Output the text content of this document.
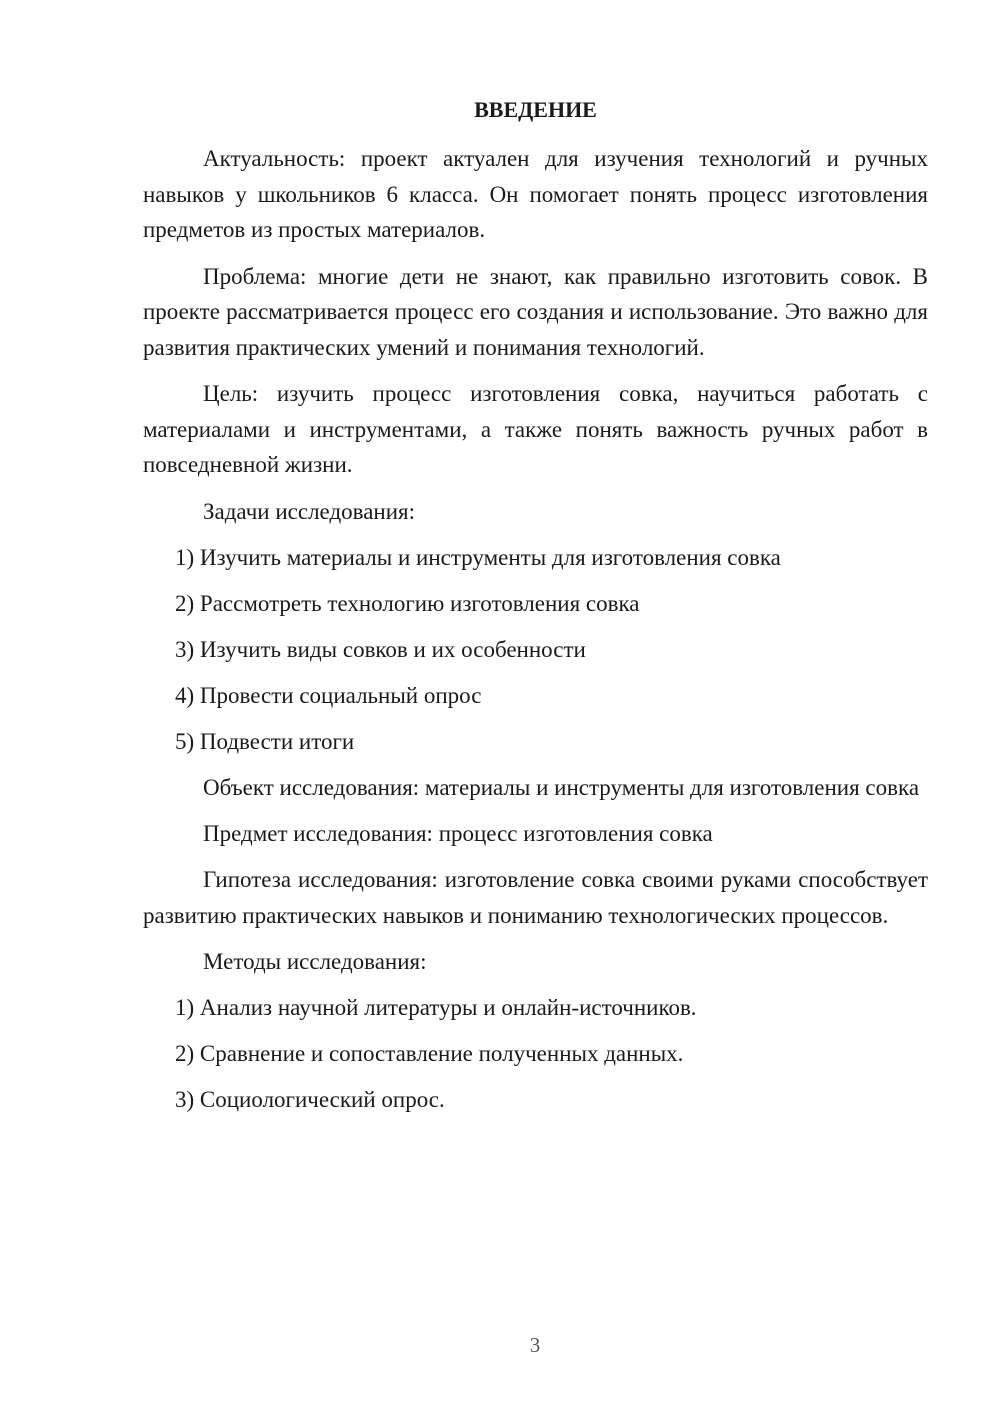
ВВЕДЕНИЕ
Актуальность: проект актуален для изучения технологий и ручных навыков у школьников 6 класса. Он помогает понять процесс изготовления предметов из простых материалов.
Проблема: многие дети не знают, как правильно изготовить совок. В проекте рассматривается процесс его создания и использование. Это важно для развития практических умений и понимания технологий.
Цель: изучить процесс изготовления совка, научиться работать с материалами и инструментами, а также понять важность ручных работ в повседневной жизни.
Задачи исследования:
1) Изучить материалы и инструменты для изготовления совка
2) Рассмотреть технологию изготовления совка
3) Изучить виды совков и их особенности
4) Провести социальный опрос
5) Подвести итоги
Объект исследования: материалы и инструменты для изготовления совка
Предмет исследования: процесс изготовления совка
Гипотеза исследования: изготовление совка своими руками способствует развитию практических навыков и пониманию технологических процессов.
Методы исследования:
1) Анализ научной литературы и онлайн-источников.
2) Сравнение и сопоставление полученных данных.
3) Социологический опрос.
3
